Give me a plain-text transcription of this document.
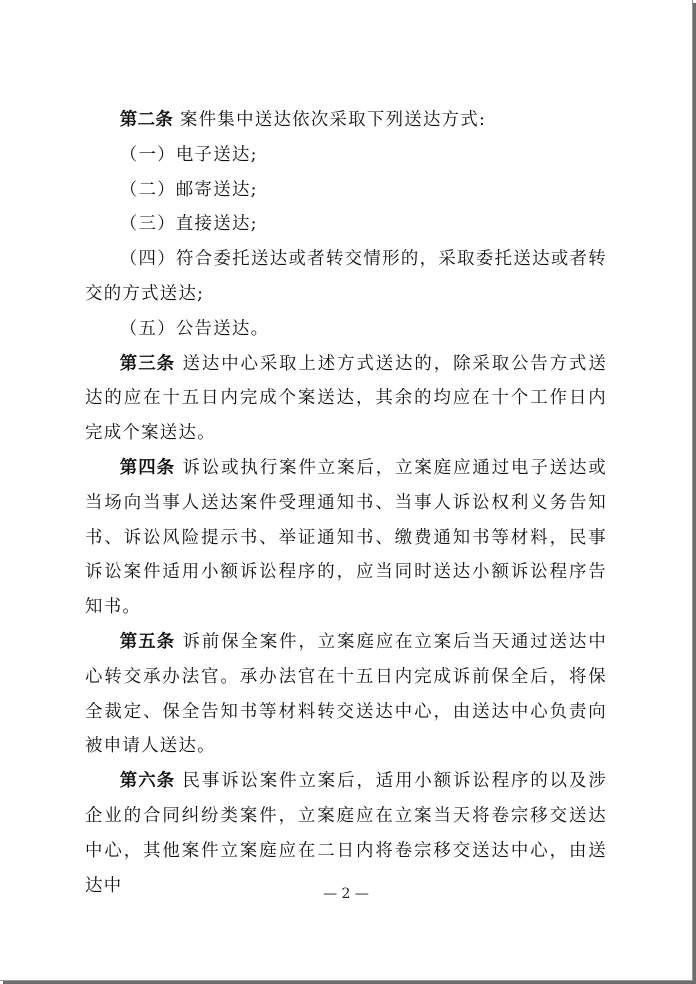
第二条 案件集中送达依次采取下列送达方式:

（一）电子送达;

（二）邮寄送达;

（三）直接送达;

（四）符合委托送达或者转交情形的，采取委托送达或者转交的方式送达;

（五）公告送达。

第三条 送达中心采取上述方式送达的，除采取公告方式送达的应在十五日内完成个案送达，其余的均应在十个工作日内完成个案送达。

第四条 诉讼或执行案件立案后，立案庭应通过电子送达或当场向当事人送达案件受理通知书、当事人诉讼权利义务告知书、诉讼风险提示书、举证通知书、缴费通知书等材料，民事诉讼案件适用小额诉讼程序的，应当同时送达小额诉讼程序告知书。

第五条 诉前保全案件，立案庭应在立案后当天通过送达中心转交承办法官。承办法官在十五日内完成诉前保全后，将保全裁定、保全告知书等材料转交送达中心，由送达中心负责向被申请人送达。

第六条 民事诉讼案件立案后，适用小额诉讼程序的以及涉企业的合同纠纷类案件，立案庭应在立案当天将卷宗移交送达中心，其他案件立案庭应在二日内将卷宗移交送达中心，由送达中	— 2 —
